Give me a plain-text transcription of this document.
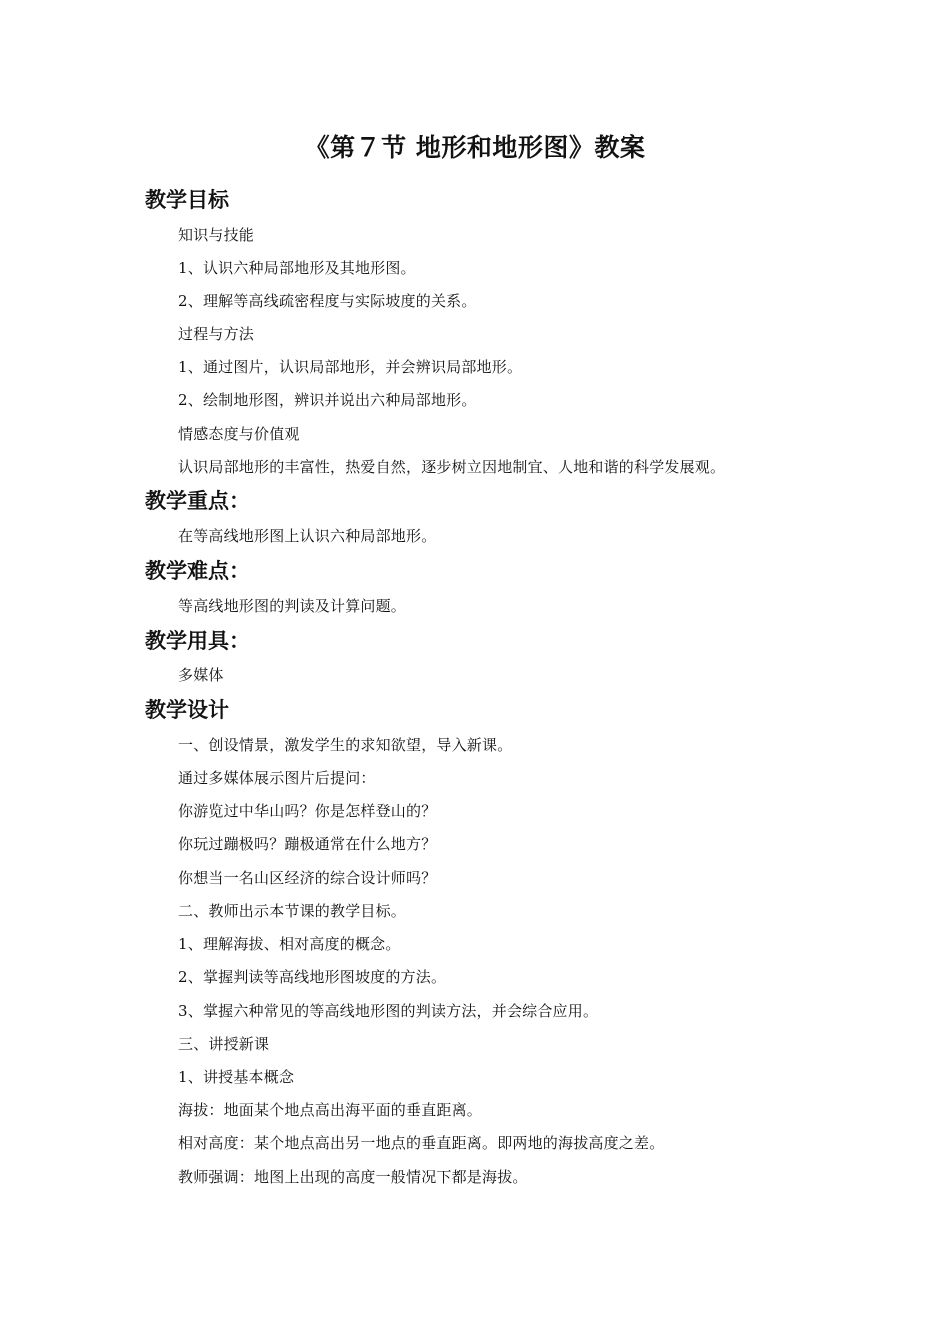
《第７节 地形和地形图》教案
教学目标

知识与技能

1、认识六种局部地形及其地形图。

2、理解等高线疏密程度与实际坡度的关系。

过程与方法

1、通过图片，认识局部地形，并会辨识局部地形。

2、绘制地形图，辨识并说出六种局部地形。

情感态度与价值观

认识局部地形的丰富性，热爱自然，逐步树立因地制宜、人地和谐的科学发展观。

教学重点：

在等高线地形图上认识六种局部地形。

教学难点：

等高线地形图的判读及计算问题。

教学用具：

多媒体

教学设计

一、创设情景，激发学生的求知欲望，导入新课。

通过多媒体展示图片后提问：

你游览过中华山吗？你是怎样登山的？

你玩过蹦极吗？蹦极通常在什么地方？

你想当一名山区经济的综合设计师吗？

二、教师出示本节课的教学目标。

1、理解海拔、相对高度的概念。

2、掌握判读等高线地形图坡度的方法。

3、掌握六种常见的等高线地形图的判读方法，并会综合应用。

三、讲授新课

1、讲授基本概念

海拔：地面某个地点高出海平面的垂直距离。

相对高度：某个地点高出另一地点的垂直距离。即两地的海拔高度之差。

教师强调：地图上出现的高度一般情况下都是海拔。
